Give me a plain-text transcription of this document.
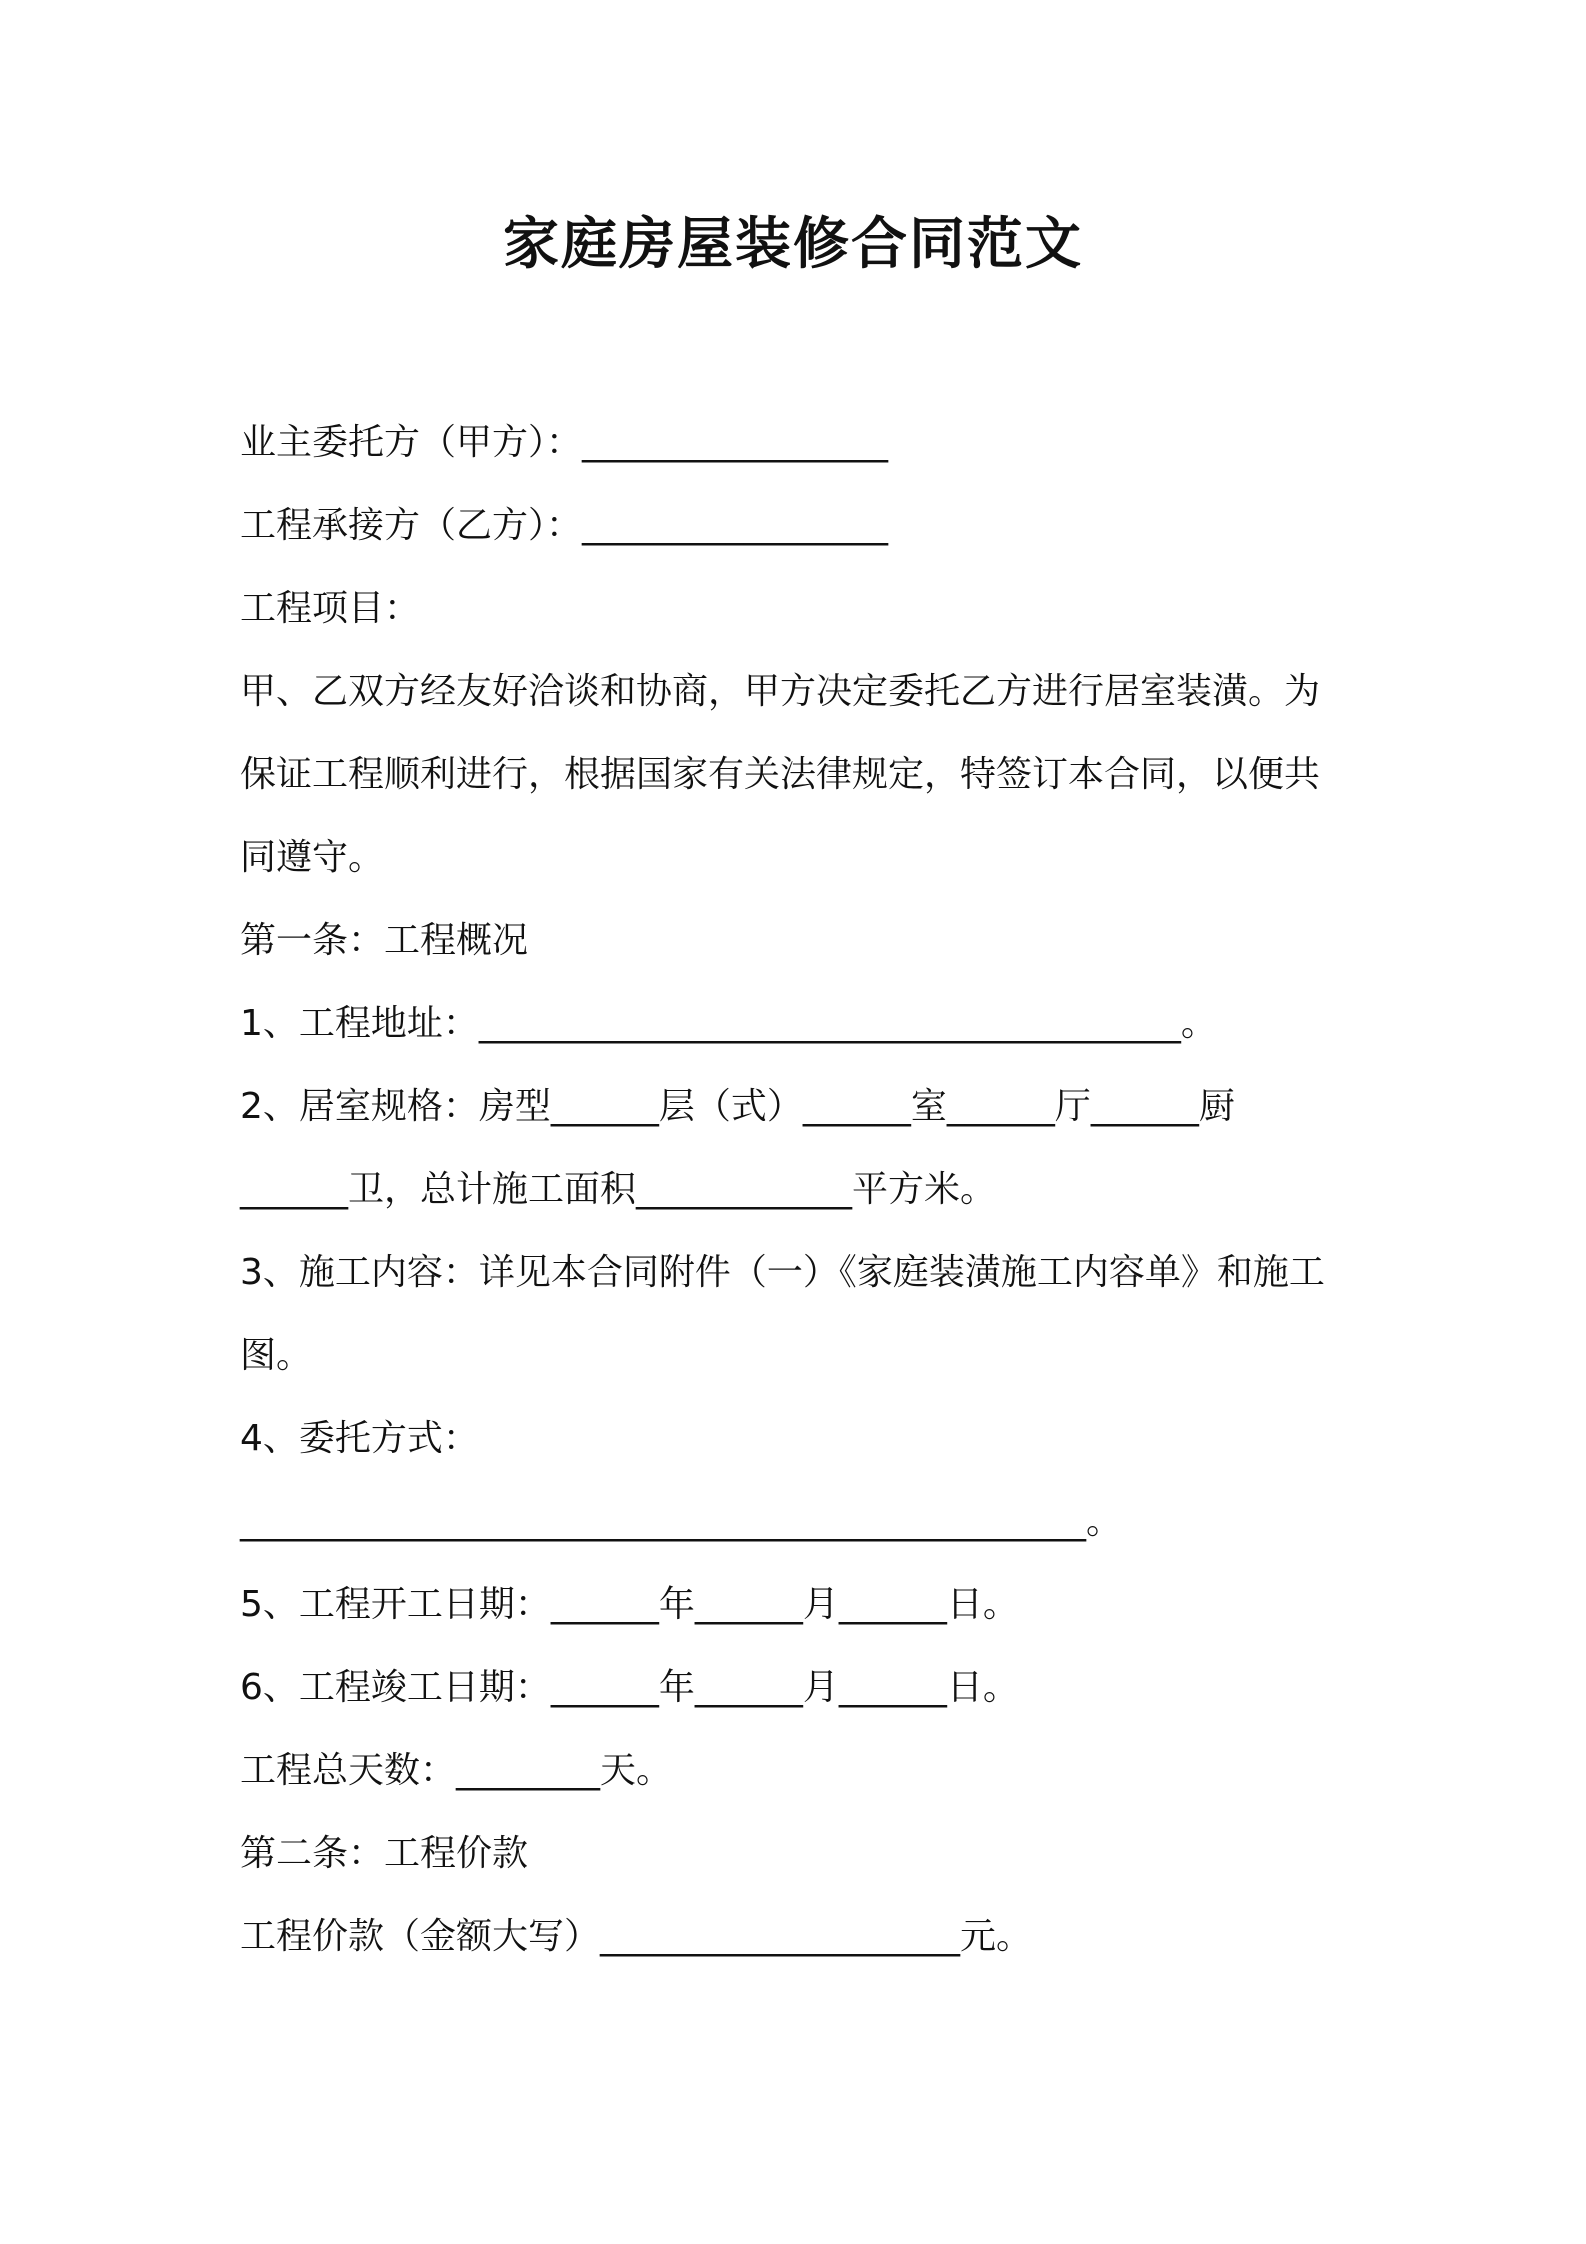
家庭房屋装修合同范文
业主委托方（甲方）：_________________
工程承接方（乙方）：_________________
工程项目：
甲、乙双方经友好洽谈和协商，甲方决定委托乙方进行居室装潢。为
保证工程顺利进行，根据国家有关法律规定，特签订本合同，以便共
同遵守。
第一条：工程概况
1、工程地址：_______________________________________。
2、居室规格：房型______层（式）______室______厅______厨
______卫，总计施工面积____________平方米。
3、施工内容：详见本合同附件（一）《家庭装潢施工内容单》和施工
图。
4、委托方式：
_______________________________________________。
5、工程开工日期：______年______月______日。
6、工程竣工日期：______年______月______日。
工程总天数：________天。
第二条：工程价款
工程价款（金额大写）____________________元。
